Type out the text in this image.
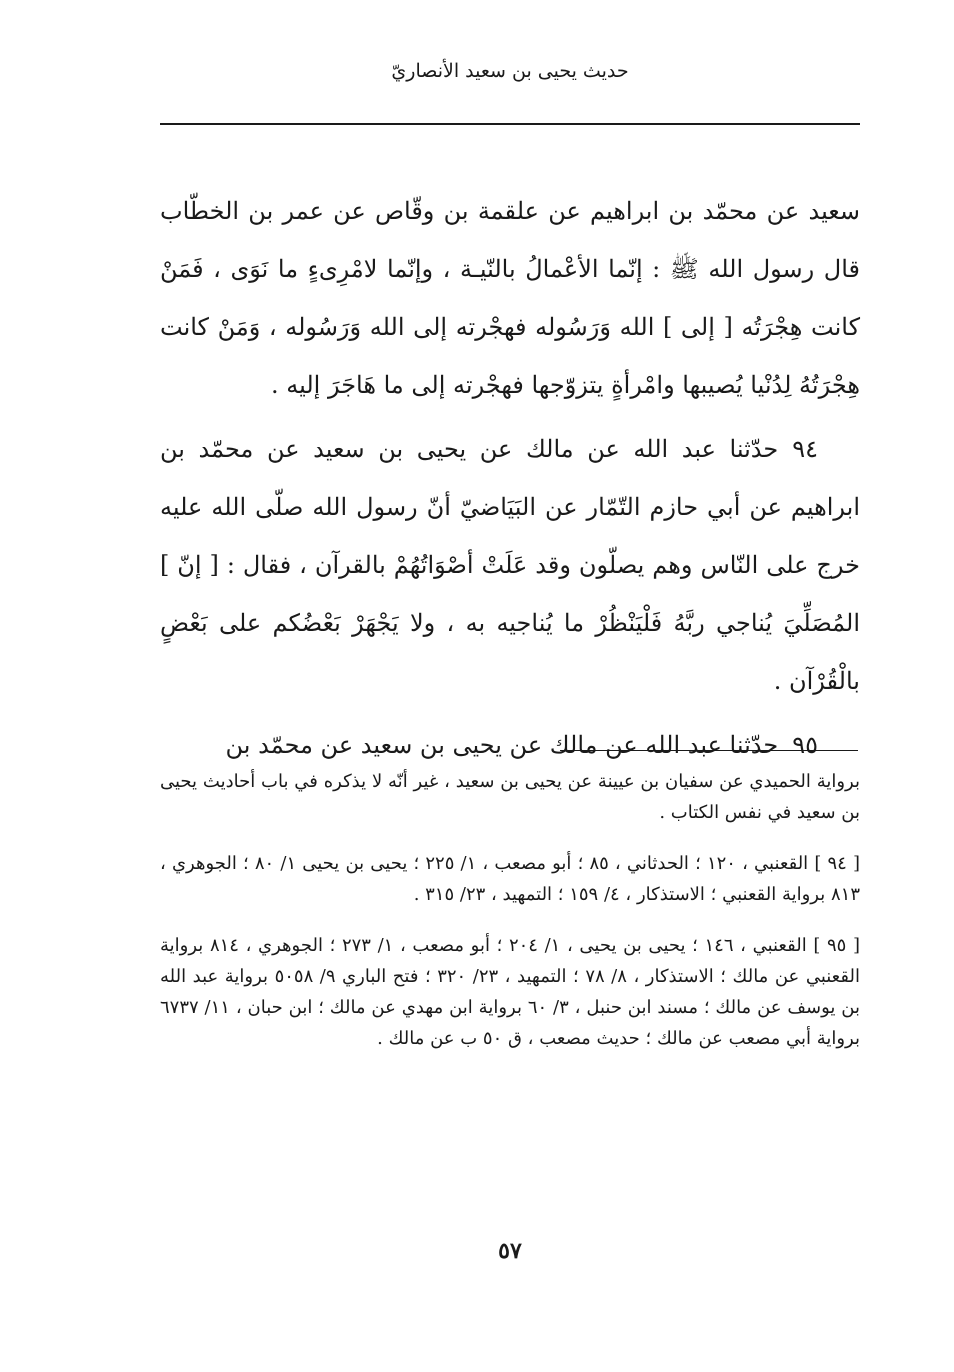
حديث يحيى بن سعيد الأنصاريّ

سعيد عن محمّد بن ابراهيم عن علقمة بن وقّاص عن عمر بن الخطّاب قال رسول الله ﷺ : إنّما الأعْمالُ بالنّيـة ، وإنّما لامْرِىءٍ ما نَوَى ، فَمَنْ كانت هِجْرَتُه [ إلى ] الله وَرَسُوله فهجْرته إلى الله وَرَسُوله ، وَمَنْ كانت هِجْرَتُهُ لِدُنْيا يُصيبها وامْرأةٍ يتزوّجها فهجْرته إلى ما هَاجَرَ إليه .

٩٤حدّثنا عبد الله عن مالك عن يحيى بن سعيد عن محمّد بن ابراهيم عن أبي حازم التّمّار عن البَيَاضيّ أنّ رسول الله صلّى الله عليه خرج على النّاس وهم يصلّون وقد عَلَتْ أصْوَاتُهُمْ بالقرآن ، فقال : [ إنّ ] المُصَلِّيَ يُناجي ربَّهُ فَلْيَنْظُرْ ما يُناجيه به ، ولا يَجْهَرْ بَعْضُكم على بَعْضٍ بالْقُرْآن .

٩٥حدّثنا عبد الله عن مالك عن يحيى بن سعيد عن محمّد بن

برواية الحميدي عن سفيان بن عيينة عن يحيى بن سعيد ، غير أنّه لا يذكره في باب أحاديث يحيى بن سعيد في نفس الكتاب .

[ ٩٤ ] القعنبي ، ١٢٠ ؛ الحدثاني ، ٨٥ ؛ أبو مصعب ، ١/ ٢٢٥ ؛ يحيى بن يحيى ١/ ٨٠ ؛ الجوهري ، ٨١٣ برواية القعنبي ؛ الاستذكار ، ٤/ ١٥٩ ؛ التمهيد ، ٢٣/ ٣١٥ .

[ ٩٥ ] القعنبي ، ١٤٦ ؛ يحيى بن يحيى ، ١/ ٢٠٤ ؛ أبو مصعب ، ١/ ٢٧٣ ؛ الجوهري ، ٨١٤ برواية القعنبي عن مالك ؛ الاستذكار ، ٨/ ٧٨ ؛ التمهيد ، ٢٣/ ٣٢٠ ؛ فتح الباري ٩/ ٥٠٥٨ برواية عبد الله بن يوسف عن مالك ؛ مسند ابن حنبل ، ٣/ ٦٠ برواية ابن مهدي عن مالك ؛ ابن حبان ، ١١/ ٦٧٣٧ برواية أبي مصعب عن مالك ؛ حديث مصعب ، ق ٥٠ ب عن مالك .

٥٧
